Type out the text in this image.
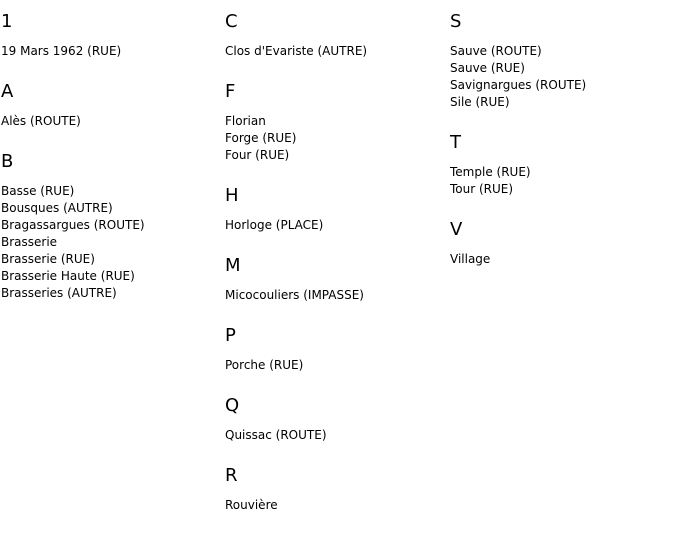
1
19 Mars 1962 (RUE)
A
Alès (ROUTE)
B
Basse (RUE)
Bousques (AUTRE)
Bragassargues (ROUTE)
Brasserie
Brasserie (RUE)
Brasserie Haute (RUE)
Brasseries (AUTRE)
C
Clos d'Evariste (AUTRE)
F
Florian
Forge (RUE)
Four (RUE)
H
Horloge (PLACE)
M
Micocouliers (IMPASSE)
P
Porche (RUE)
Q
Quissac (ROUTE)
R
Rouvière
S
Sauve (ROUTE)
Sauve (RUE)
Savignargues (ROUTE)
Sile (RUE)
T
Temple (RUE)
Tour (RUE)
V
Village
